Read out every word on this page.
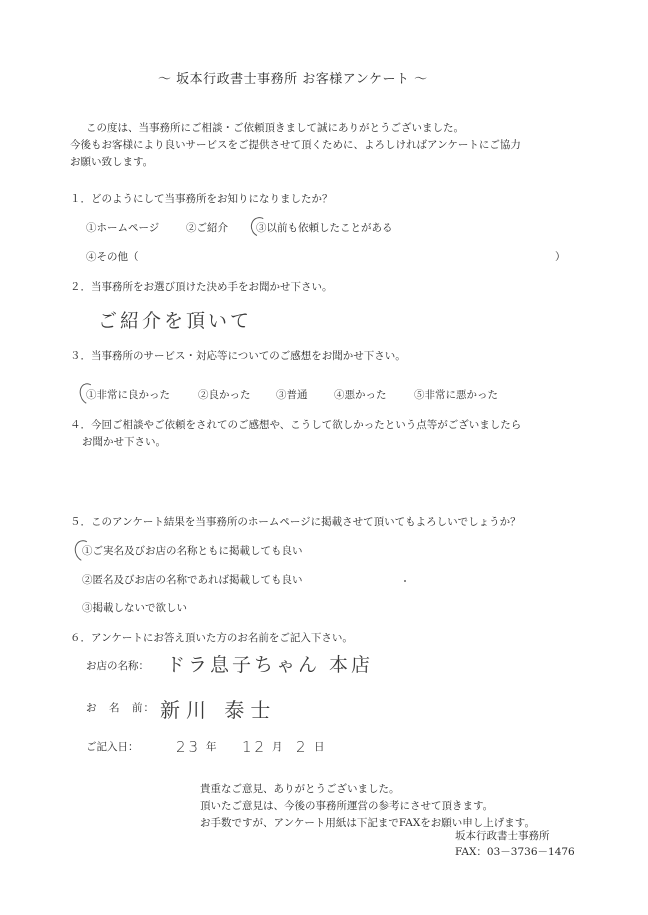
～ 坂本行政書士事務所 お客様アンケート ～
この度は、当事務所にご相談・ご依頼頂きまして誠にありがとうございました。
今後もお客様により良いサービスをご提供させて頂くために、よろしければアンケートにご協力
お願い致します。
１．どのようにして当事務所をお知りになりましたか？
①ホームページ	②ご紹介	③以前も依頼したことがある
④その他（	）
２．当事務所をお選び頂けた決め手をお聞かせ下さい。
ご紹介を頂いて
３．当事務所のサービス・対応等についてのご感想をお聞かせ下さい。
①非常に良かった	②良かった ③普通	④悪かった	⑤非常に悪かった
４．今回ご相談やご依頼をされてのご感想や、こうして欲しかったという点等がございましたら
お聞かせ下さい。
５．このアンケート結果を当事務所のホームページに掲載させて頂いてもよろしいでしょうか？
①ご実名及びお店の名称ともに掲載しても良い
②匿名及びお店の名称であれば掲載しても良い
③掲載しないで欲しい
６．アンケートにお答え頂いた方のお名前をご記入下さい。
お店の名称： ドラ息子ちゃん 本店
お　名　前： 新川 泰士
ご記入日：	23 年 12 月 2 日
貴重なご意見、ありがとうございました。
頂いたご意見は、今後の事務所運営の参考にさせて頂きます。
お手数ですが、アンケート用紙は下記までFAXをお願い申し上げます。
坂本行政書士事務所
FAX：03－3736－1476
